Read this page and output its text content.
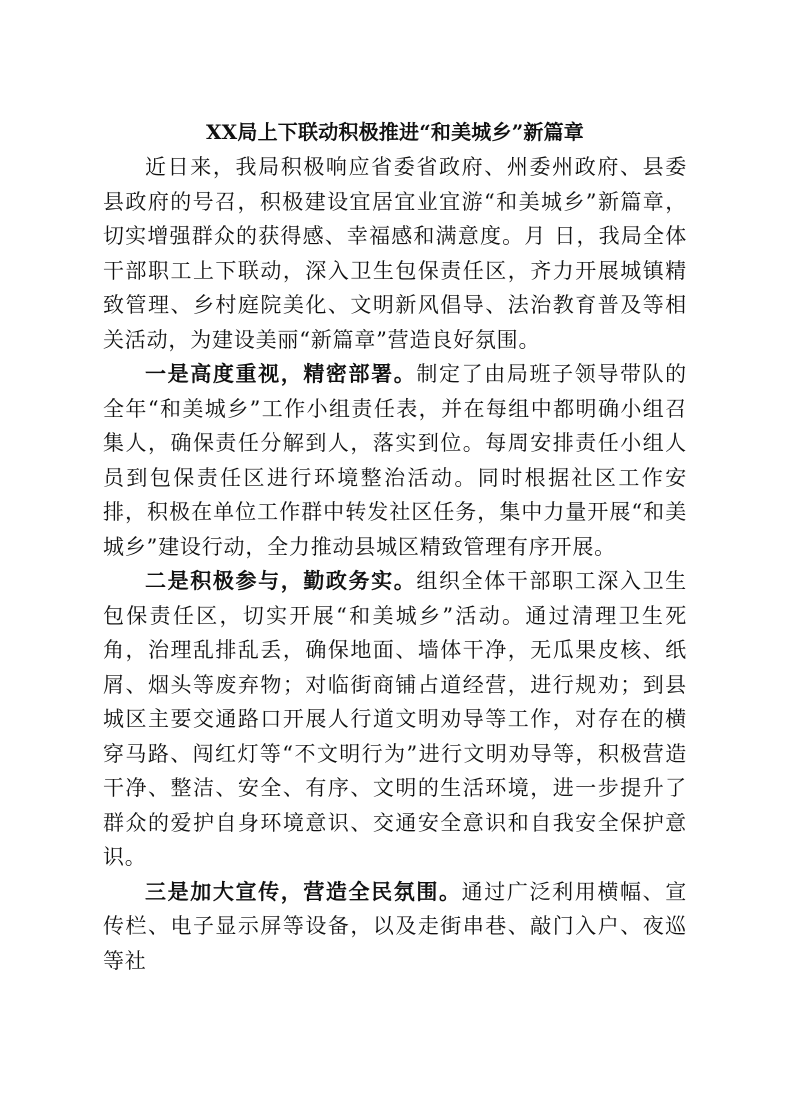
XX局上下联动积极推进“和美城乡”新篇章

近日来，我局积极响应省委省政府、州委州政府、县委县政府的号召，积极建设宜居宜业宜游“和美城乡”新篇章，切实增强群众的获得感、幸福感和满意度。月 日，我局全体干部职工上下联动，深入卫生包保责任区，齐力开展城镇精致管理、乡村庭院美化、文明新风倡导、法治教育普及等相关活动，为建设美丽“新篇章”营造良好氛围。

一是高度重视，精密部署。制定了由局班子领导带队的全年“和美城乡”工作小组责任表，并在每组中都明确小组召集人，确保责任分解到人，落实到位。每周安排责任小组人员到包保责任区进行环境整治活动。同时根据社区工作安排，积极在单位工作群中转发社区任务，集中力量开展“和美城乡”建设行动，全力推动县城区精致管理有序开展。

二是积极参与，勤政务实。组织全体干部职工深入卫生包保责任区，切实开展“和美城乡”活动。通过清理卫生死角，治理乱排乱丢，确保地面、墙体干净，无瓜果皮核、纸屑、烟头等废弃物；对临街商铺占道经营，进行规劝；到县城区主要交通路口开展人行道文明劝导等工作，对存在的横穿马路、闯红灯等“不文明行为”进行文明劝导等，积极营造干净、整洁、安全、有序、文明的生活环境，进一步提升了群众的爱护自身环境意识、交通安全意识和自我安全保护意识。

三是加大宣传，营造全民氛围。通过广泛利用横幅、宣传栏、电子显示屏等设备，以及走街串巷、敲门入户、夜巡等社
